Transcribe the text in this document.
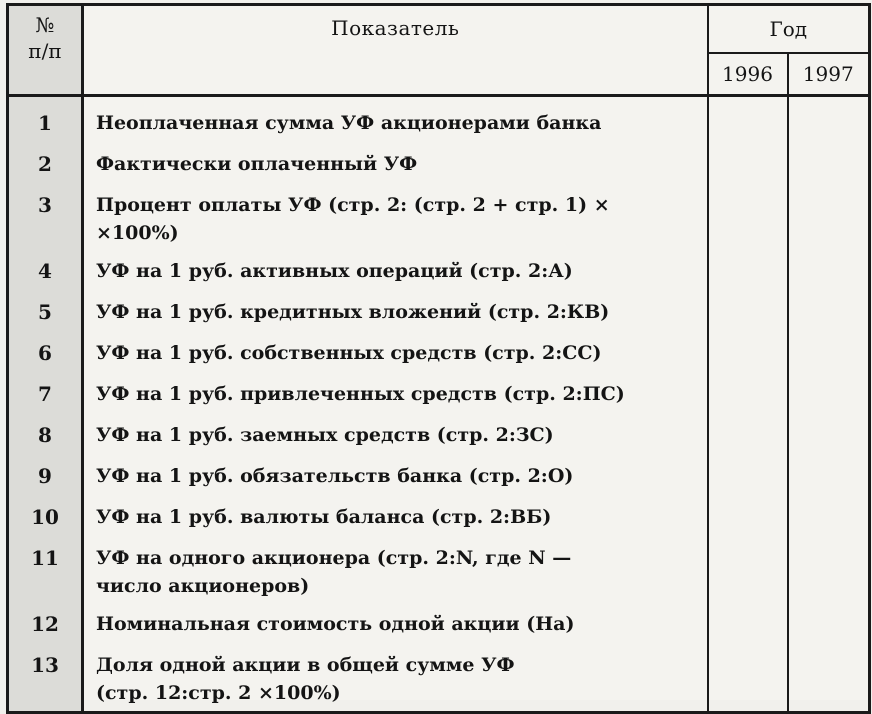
№
п/п	Показатель	Год	
		1996	1997
1	Неоплаченная сумма УФ акционерами банка		

2	Фактически оплаченный УФ		

3	Процент оплаты УФ (стр. 2: (стр. 2 + стр. 1) ×
×100%)		

4	УФ на 1 руб. активных операций (стр. 2:А)		

5	УФ на 1 руб. кредитных вложений (стр. 2:КВ)		

6	УФ на 1 руб. собственных средств (стр. 2:СС)		

7	УФ на 1 руб. привлеченных средств (стр. 2:ПС)		

8	УФ на 1 руб. заемных средств (стр. 2:ЗС)		

9	УФ на 1 руб. обязательств банка (стр. 2:О)		

10	УФ на 1 руб. валюты баланса (стр. 2:ВБ)		

11	УФ на одного акционера (стр. 2:N, где N —
число акционеров)		

12	Номинальная стоимость одной акции (На)		

13	Доля одной акции в общей сумме УФ
(стр. 12:стр. 2 ×100%)		
